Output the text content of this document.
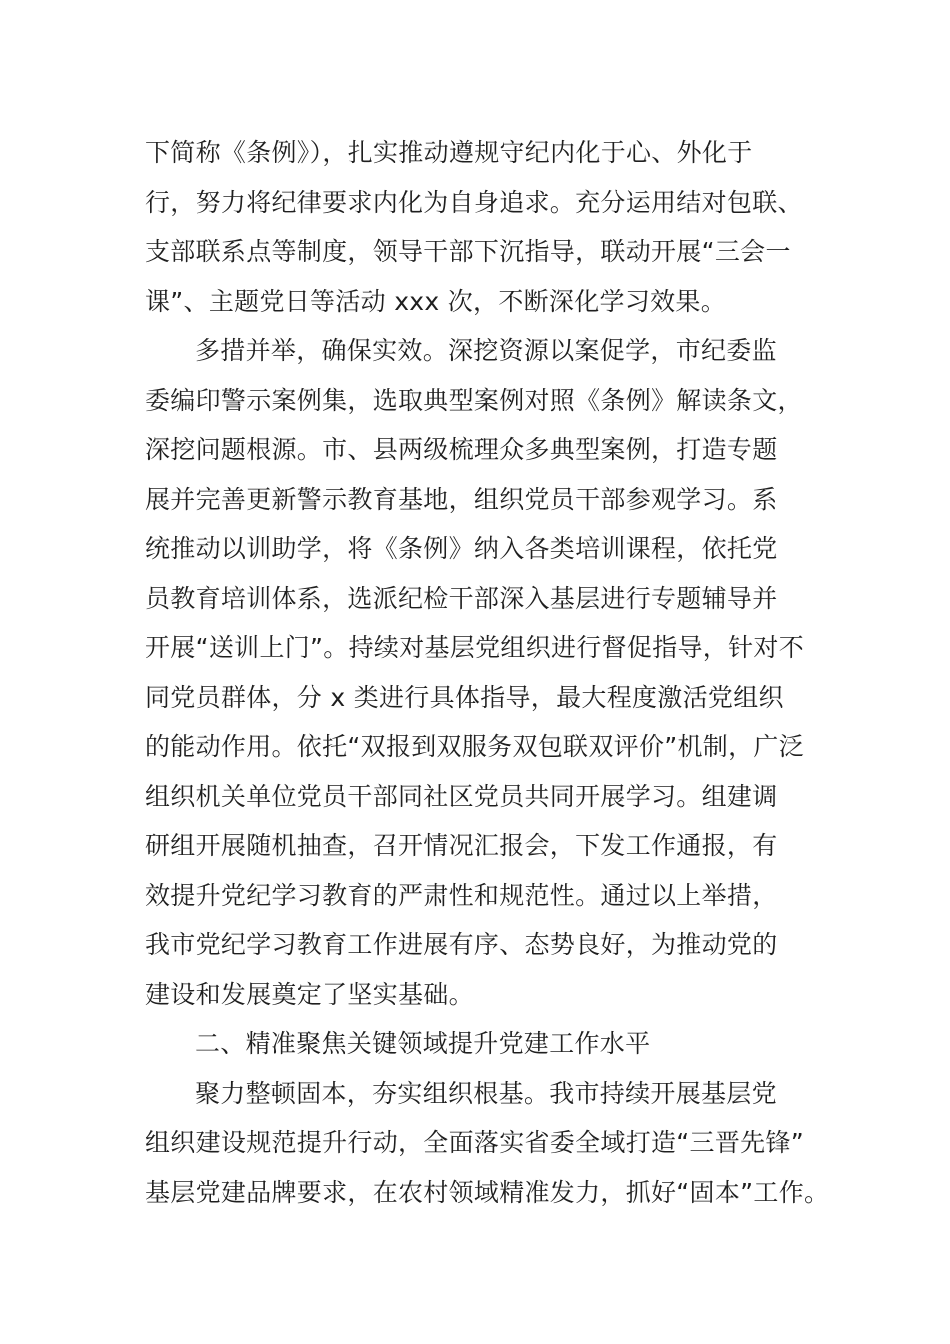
下简称《条例》），扎实推动遵规守纪内化于心、外化于
行，努力将纪律要求内化为自身追求。充分运用结对包联、
支部联系点等制度，领导干部下沉指导，联动开展“三会一
课”、主题党日等活动 xxx 次，不断深化学习效果。
多措并举，确保实效。深挖资源以案促学，市纪委监
委编印警示案例集，选取典型案例对照《条例》解读条文，
深挖问题根源。市、县两级梳理众多典型案例，打造专题
展并完善更新警示教育基地，组织党员干部参观学习。系
统推动以训助学，将《条例》纳入各类培训课程，依托党
员教育培训体系，选派纪检干部深入基层进行专题辅导并
开展“送训上门”。持续对基层党组织进行督促指导，针对不
同党员群体，分 x 类进行具体指导，最大程度激活党组织
的能动作用。依托“双报到双服务双包联双评价”机制，广泛
组织机关单位党员干部同社区党员共同开展学习。组建调
研组开展随机抽查，召开情况汇报会，下发工作通报，有
效提升党纪学习教育的严肃性和规范性。通过以上举措，
我市党纪学习教育工作进展有序、态势良好，为推动党的
建设和发展奠定了坚实基础。
二、精准聚焦关键领域提升党建工作水平
聚力整顿固本，夯实组织根基。我市持续开展基层党
组织建设规范提升行动，全面落实省委全域打造“三晋先锋”
基层党建品牌要求，在农村领域精准发力，抓好“固本”工作。
